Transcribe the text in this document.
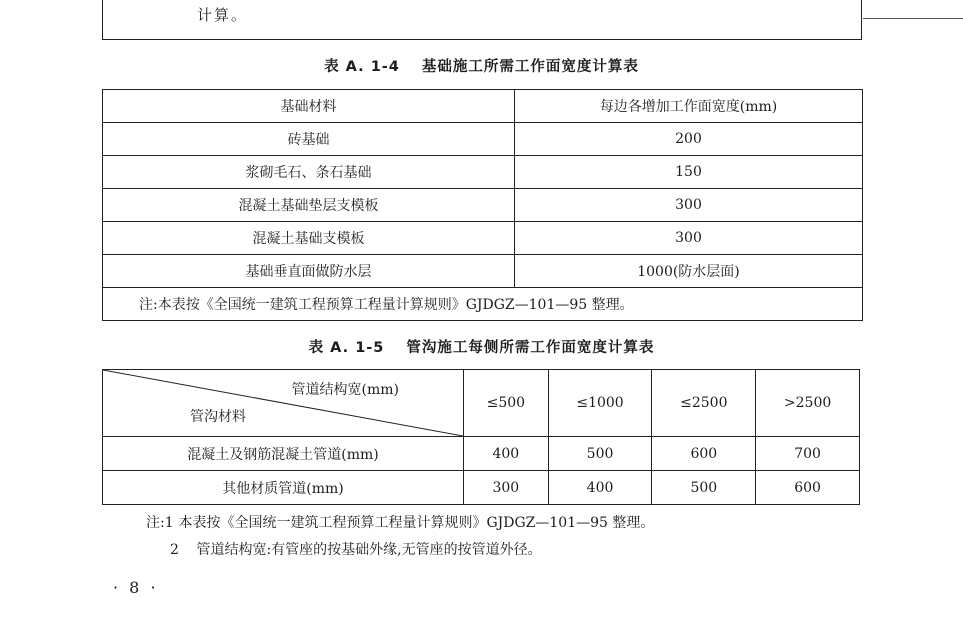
计算。
表 A. 1-4 基础施工所需工作面宽度计算表
基础材料	每边各增加工作面宽度(mm)
砖基础	200
浆砌毛石、条石基础	150
混凝土基础垫层支模板	300
混凝土基础支模板	300
基础垂直面做防水层	1000(防水层面)
注:本表按《全国统一建筑工程预算工程量计算规则》GJDGZ—101—95 整理。	
表 A. 1-5 管沟施工每侧所需工作面宽度计算表
管道结构宽(mm)
管沟材料	≤500	≤1000	≤2500	>2500
混凝土及钢筋混凝土管道(mm)	400	500	600	700
其他材质管道(mm)	300	400	500	600
注:1 本表按《全国统一建筑工程预算工程量计算规则》GJDGZ—101—95 整理。
2 管道结构宽:有管座的按基础外缘,无管座的按管道外径。
· 8 ·
